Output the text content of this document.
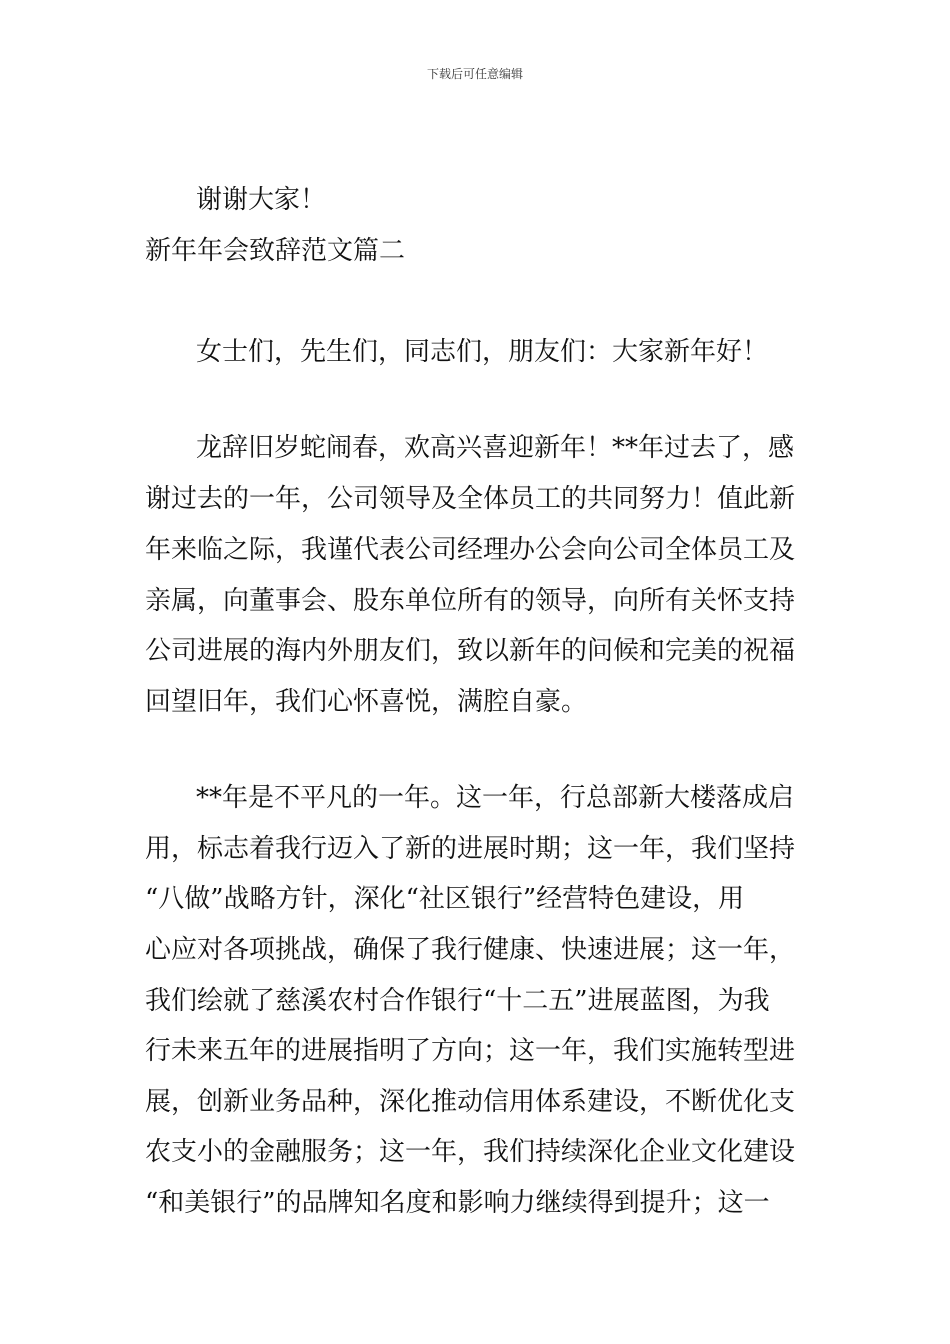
下载后可任意编辑
谢谢大家！
新年年会致辞范文篇二
女士们，先生们，同志们，朋友们：大家新年好！
龙辞旧岁蛇闹春，欢高兴喜迎新年！**年过去了，感
谢过去的一年，公司领导及全体员工的共同努力！值此新
年来临之际，我谨代表公司经理办公会向公司全体员工及
亲属，向董事会、股东单位所有的领导，向所有关怀支持
公司进展的海内外朋友们，致以新年的问候和完美的祝福
回望旧年，我们心怀喜悦，满腔自豪。
**年是不平凡的一年。这一年，行总部新大楼落成启
用，标志着我行迈入了新的进展时期；这一年，我们坚持
“八做”战略方针，深化“社区银行”经营特色建设，用
心应对各项挑战，确保了我行健康、快速进展；这一年，
我们绘就了慈溪农村合作银行“十二五”进展蓝图，为我
行未来五年的进展指明了方向；这一年，我们实施转型进
展，创新业务品种，深化推动信用体系建设，不断优化支
农支小的金融服务；这一年，我们持续深化企业文化建设
“和美银行”的品牌知名度和影响力继续得到提升；这一
